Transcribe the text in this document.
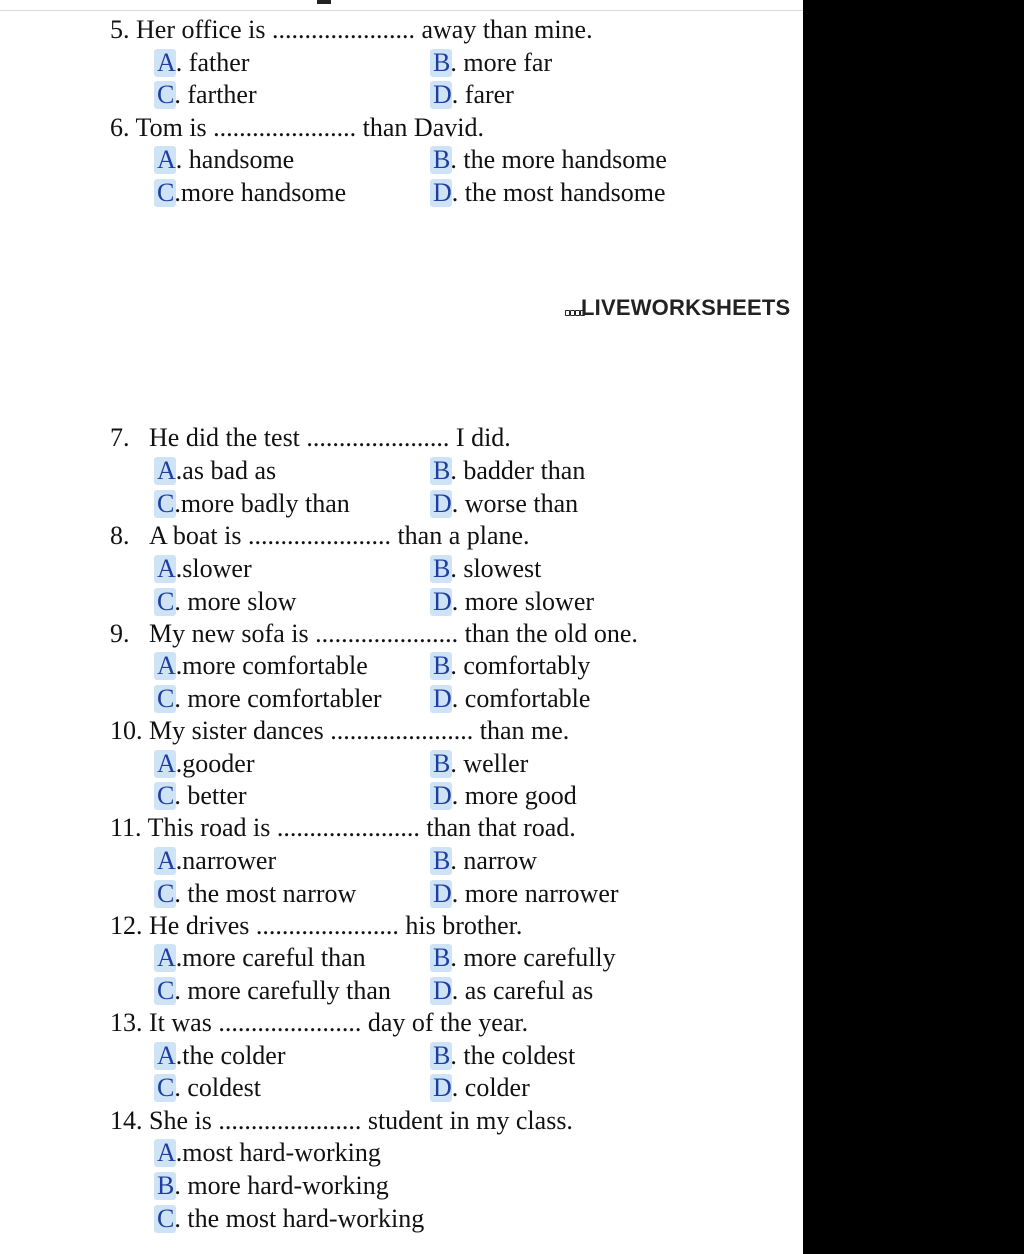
5. Her office is ...................... away than mine.
A. father	B. more far
C. farther	D. farer
6. Tom is ...................... than David.
A. handsome	B. the more handsome
C.more handsome	D. the most handsome
LIVEWORKSHEETS
7. He did the test ...................... I did.
A.as bad as	B. badder than
C.more badly than	D. worse than
8. A boat is ...................... than a plane.
A.slower	B. slowest
C. more slow	D. more slower
9. My new sofa is ...................... than the old one.
A.more comfortable	B. comfortably
C. more comfortabler D. comfortable
10. My sister dances ...................... than me.
A.gooder	B. weller
C. better	D. more good
11. This road is ...................... than that road.
A.narrower	B. narrow
C. the most narrow	D. more narrower
12. He drives ...................... his brother.
A.more careful than	B. more carefully
C. more carefully than D. as careful as
13. It was ...................... day of the year.
A.the colder	B. the coldest
C. coldest	D. colder
14. She is ...................... student in my class.
A.most hard-working
B. more hard-working
C. the most hard-working
